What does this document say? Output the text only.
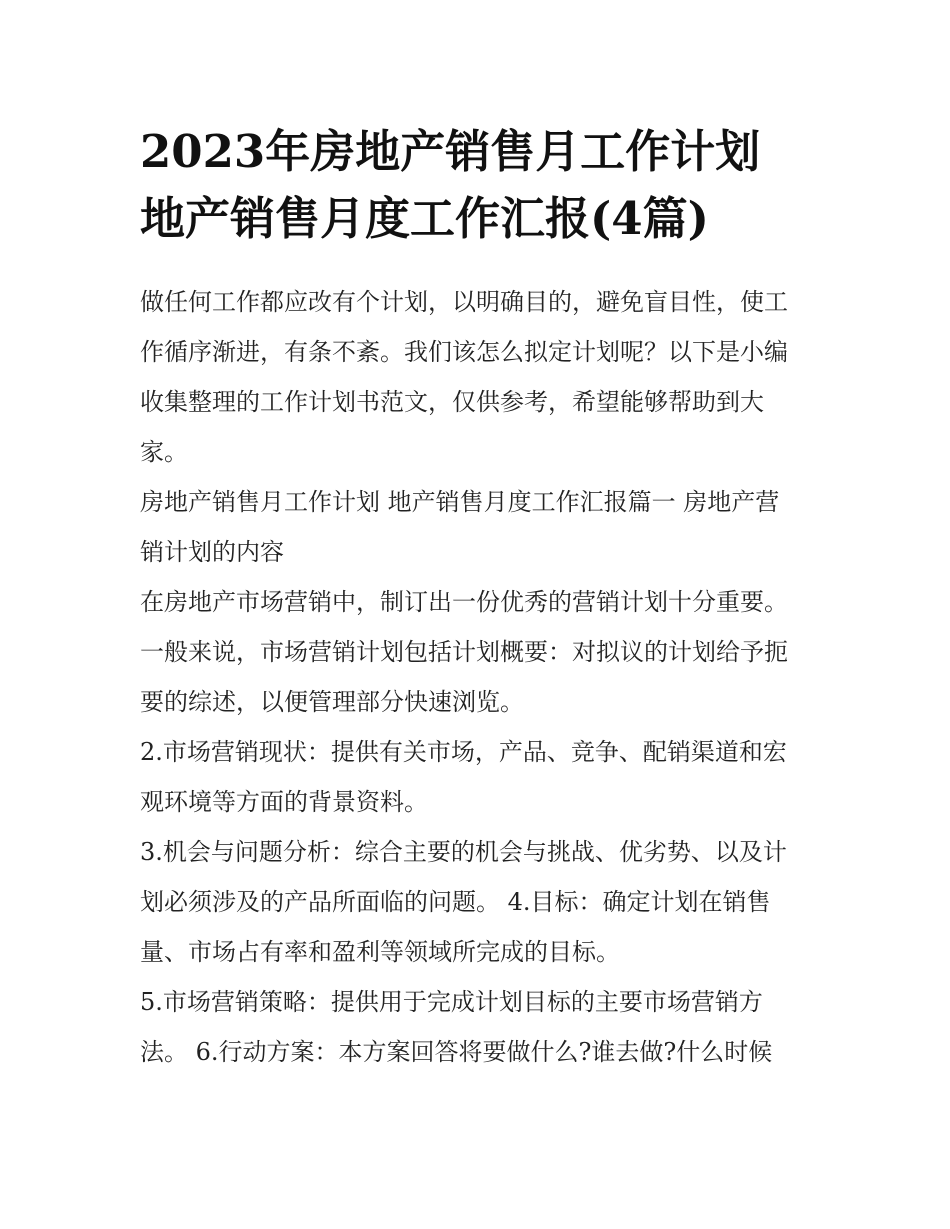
2023年房地产销售月工作计划
地产销售月度工作汇报(4篇)

做任何工作都应改有个计划，以明确目的，避免盲目性，使工
作循序渐进，有条不紊。我们该怎么拟定计划呢？以下是小编
收集整理的工作计划书范文，仅供参考，希望能够帮助到大
家。

房地产销售月工作计划 地产销售月度工作汇报篇一 房地产营
销计划的内容

在房地产市场营销中，制订出一份优秀的营销计划十分重要。
一般来说，市场营销计划包括计划概要：对拟议的计划给予扼
要的综述，以便管理部分快速浏览。

2.市场营销现状：提供有关市场，产品、竞争、配销渠道和宏
观环境等方面的背景资料。

3.机会与问题分析：综合主要的机会与挑战、优劣势、以及计
划必须涉及的产品所面临的问题。 4.目标：确定计划在销售
量、市场占有率和盈利等领域所完成的目标。

5.市场营销策略：提供用于完成计划目标的主要市场营销方
法。 6.行动方案：本方案回答将要做什么?谁去做?什么时候
